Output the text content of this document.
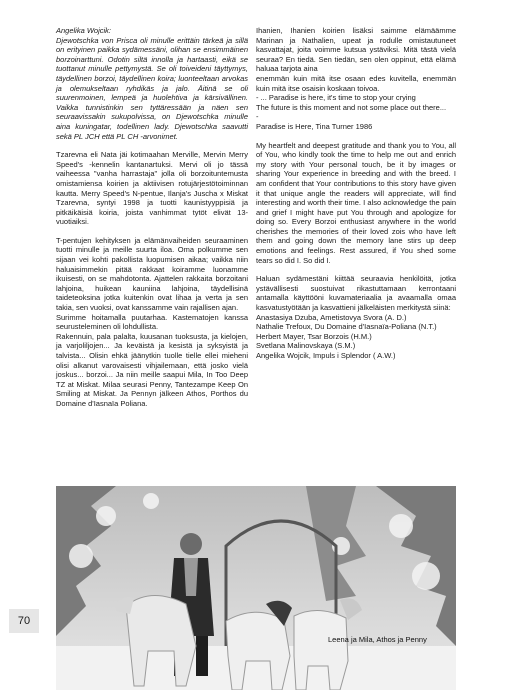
Angelika Wojcik:
Djewotschka von Prisca oli minulle erittäin tärkeä ja sillä on erityinen paikka sydämessäni, olihan se ensimmäinen borzoinarttuni. Odotin siltä innolla ja hartaasti, eikä se tuottanut minulle pettymystä. Se oli toiveideni täyttymys, täydellinen borzoi, täydellinen koira; luonteeltaan arvokas ja olemukseltaan ryhdikäs ja jalo. Äitinä se oli suurenmoinen, lempeä ja huolehtiva ja kärsivällinen. Vaikka tunnistinkin sen tyttäressään ja näen sen seuraavissakin sukupolvissa, on Djewotschka minulle aina kuningatar, todellinen lady. Djewotschka saavutti sekä PL JCH että PL CH -arvonimet.

Tzarevna eli Nata jäi kotimaahan Merville, Mervin Merry Speed's -kennelin kantanartuksi. Mervi oli jo tässä vaiheessa "vanha harrastaja" jolla oli borzoituntemusta omistamiensa koirien ja aktiivisen rotujärjestötoiminnan kautta. Merry Speed's N-pentue, Ilanja's Juscha x Miskat Tzarevna, syntyi 1998 ja tuotti kaunistyyppisiä ja pitkäikäisiä koiria, joista vanhimmat tytöt elivät 13-vuotiaiksi.

T-pentujen kehityksen ja elämänvaiheiden seuraaminen tuotti minulle ja meille suurta iloa. Oma polkumme sen sijaan vei kohti pakollista luopumisen aikaa; vaikka niin haluaisimmekin pitää rakkaat koiramme luonamme ikuisesti, on se mahdotonta. Ajattelen rakkaita borzoitani lahjoina, huikean kauniina lahjoina, täydellisinä taideteoksina jotka kuitenkin ovat lihaa ja verta ja sen takia, sen vuoksi, ovat kanssamme vain rajallisen ajan.
Surimme hoitamalla puutarhaa. Kastematojen kanssa seurusteleminen oli lohdullista.
Rakennuin, pala palalta, kuusanan tuoksusta, ja kielojen, ja varjoliljojen... Ja keväistä ja kesistä ja syksyistä ja talvista... Olisin ehkä jäänytkin tuolle tielle ellei mieheni olisi alkanut varovaisesti vihjailemaan, että josko vielä joskus... borzoi... Ja niin meille saapui Mila, In Too Deep TZ at Miskat. Milaa seurasi Penny, Tantezampe Keep On Smiling at Miskat. Ja Pennyn jälkeen Athos, Porthos du Domaine d'Iasnaïa Poliana.

Ihanien, Ihanien koirien lisäksi saimme elämäämme Marinan ja Nathalien, upeat ja rodulle omistautuneet kasvattajat, joita voimme kutsua ystäviksi. Mitä tästä vielä seuraa? En tiedä. Sen tiedän, sen olen oppinut, että elämä haluaa tarjota aina
enemmän kuin mitä itse osaan edes kuvitella, enemmän kuin mitä itse osaisin koskaan toivoa.
- ... Paradise is here, it's time to stop your crying
The future is this moment and not some place out there...
-
Paradise is Here, Tina Turner 1986

My heartfelt and deepest gratitude and thank you to You, all of You, who kindly took the time to help me out and enrich my story with Your personal touch, be it by images or sharing Your experience in breeding and with the breed. I am confident that Your contributions to this story have given it that unique angle the readers will appreciate, will find interesting and worth their time. I also acknowledge the pain and grief I might have put You through and apologize for doing so. Every Borzoi enthusiast anywhere in the world cherishes the memories of their loved zois who have left them and going down the memory lane stirs up deep emotions and feelings. Rest assured, if You shed some tears so did I. So did I.

Haluan sydämestäni kiittää seuraavia henkilöitä, jotka ystävällisesti suostuivat rikastuttamaan kerrontaani antamalla käyttööni kuvamateriaalia ja avaamalla omaa kasvatustyötään ja kasvattieni jälkeläisten merkitystä siinä:
Anastasiya Dzuba, Ametistovya Svora (A. D.)
Nathalie Trefoux, Du Domaine d'Iasnaïa-Poliana (N.T.)
Herbert Mayer, Tsar Borzois (H.M.)
Svetlana Malinovskaya (S.M.)
Angelika Wojcik, Impuls i Splendor ( A.W.)

Leena ja Mila, Athos ja Penny
70
